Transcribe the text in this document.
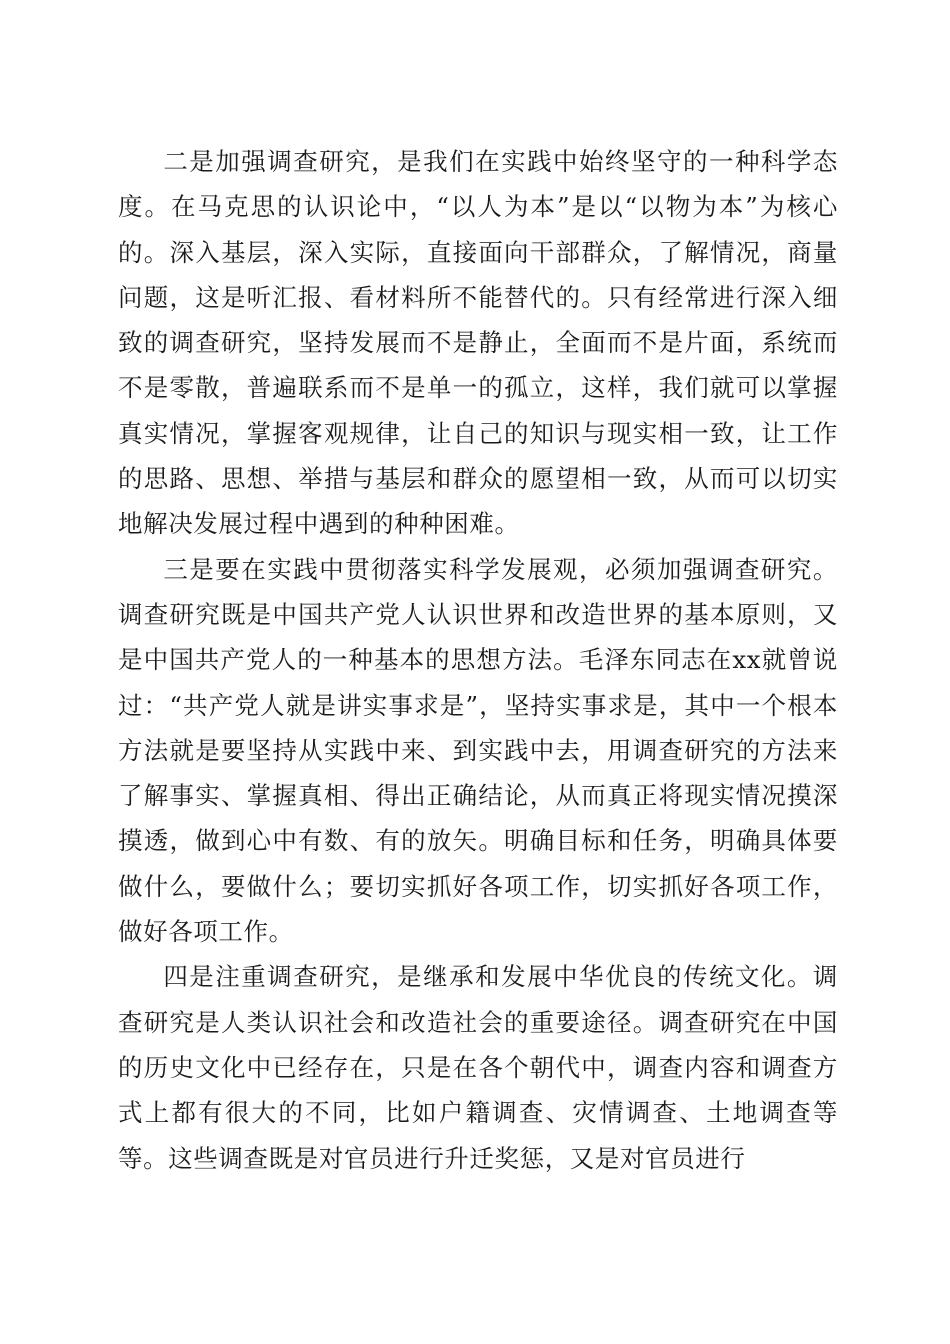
二是加强调查研究，是我们在实践中始终坚守的一种科学态度。在马克思的认识论中，“以人为本”是以“以物为本”为核心的。深入基层，深入实际，直接面向干部群众，了解情况，商量问题，这是听汇报、看材料所不能替代的。只有经常进行深入细致的调查研究，坚持发展而不是静止，全面而不是片面，系统而不是零散，普遍联系而不是单一的孤立，这样，我们就可以掌握真实情况，掌握客观规律，让自己的知识与现实相一致，让工作的思路、思想、举措与基层和群众的愿望相一致，从而可以切实地解决发展过程中遇到的种种困难。

三是要在实践中贯彻落实科学发展观，必须加强调查研究。调查研究既是中国共产党人认识世界和改造世界的基本原则，又是中国共产党人的一种基本的思想方法。毛泽东同志在xx就曾说过：“共产党人就是讲实事求是”，坚持实事求是，其中一个根本方法就是要坚持从实践中来、到实践中去，用调查研究的方法来了解事实、掌握真相、得出正确结论，从而真正将现实情况摸深摸透，做到心中有数、有的放矢。明确目标和任务，明确具体要做什么，要做什么；要切实抓好各项工作，切实抓好各项工作，做好各项工作。

四是注重调查研究，是继承和发展中华优良的传统文化。调查研究是人类认识社会和改造社会的重要途径。调查研究在中国的历史文化中已经存在，只是在各个朝代中，调查内容和调查方式上都有很大的不同，比如户籍调查、灾情调查、土地调查等等。这些调查既是对官员进行升迁奖惩，又是对官员进行
